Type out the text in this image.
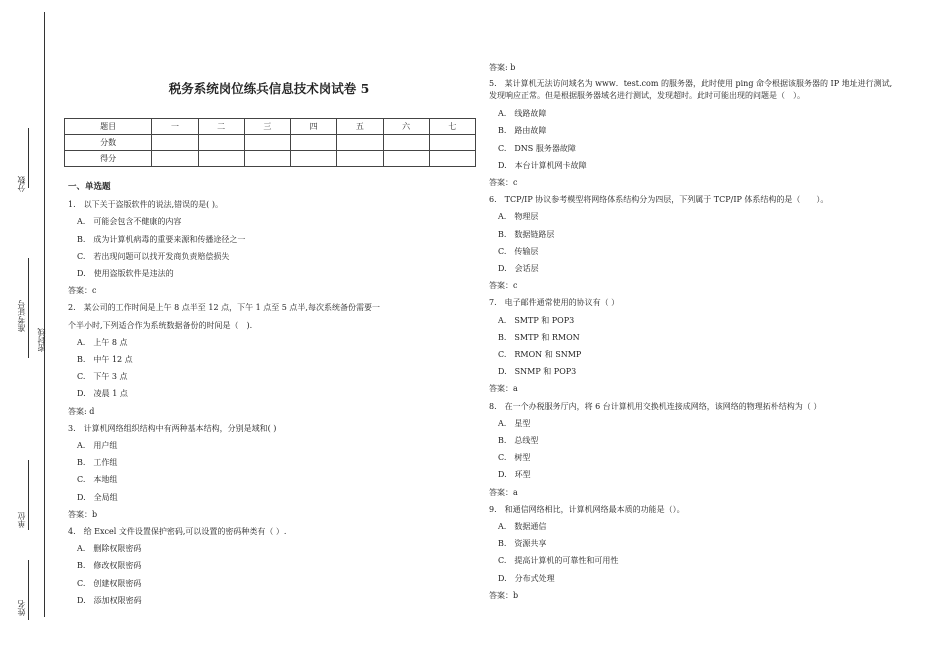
分数
准考证号
密封线
单位
姓名
税务系统岗位练兵信息技术岗试卷 5
题目	一	二	三	四	五	六	七
分数							
得分							
一、单选题
1.　以下关于盗版软件的说法,错误的是( )。
A.　可能会包含不健康的内容
B.　成为计算机病毒的重要来源和传播途径之一
C.　若出现问题可以找开发商负责赔偿损失
D.　使用盗版软件是违法的
答案：c
2.　某公司的工作时间是上午 8 点半至 12 点，下午 1 点至 5 点半,每次系统备份需要一
个半小时,下列适合作为系统数据备份的时间是（　).
A.　上午 8 点
B.　中午 12 点
C.　下午 3 点
D.　凌晨 1 点
答案: d
3.　计算机网络组织结构中有两种基本结构，分别是域和( )
A.　用户组
B.　工作组
C.　本地组
D.　全局组
答案：b
4.　给 Excel 文件设置保护密码,可以设置的密码种类有（ ）.
A.　删除权限密码
B.　修改权限密码
C.　创建权限密码
D.　添加权限密码
答案: b
5.　某计算机无法访问域名为 www．test.com 的服务器，此时使用 ping 命令根据该服务器的 IP 地址进行测试,
发现响应正常。但是根据服务器域名进行测试，发现超时。此时可能出现的问题是（　）。
A.　线路故障
B.　路由故障
C.　DNS 服务器故障
D.　本台计算机网卡故障
答案：c
6.　TCP/IP 协议参考模型将网络体系结构分为四层，下列属于 TCP/IP 体系结构的是（　　）。
A.　物理层
B.　数据链路层
C.　传输层
D.　会话层
答案：c
7.　电子邮件通常使用的协议有（ ）
A.　SMTP 和 POP3
B.　SMTP 和 RMON
C.　RMON 和 SNMP
D.　SNMP 和 POP3
答案：a
8.　在一个办税服务厅内，将 6 台计算机用交换机连接成网络，该网络的物理拓朴结构为（ ）
A.　星型
B.　总线型
C.　树型
D.　环型
答案：a
9.　和通信网络相比，计算机网络最本质的功能是（）。
A.　数据通信
B.　资源共享
C.　提高计算机的可靠性和可用性
D.　分布式处理
答案：b
